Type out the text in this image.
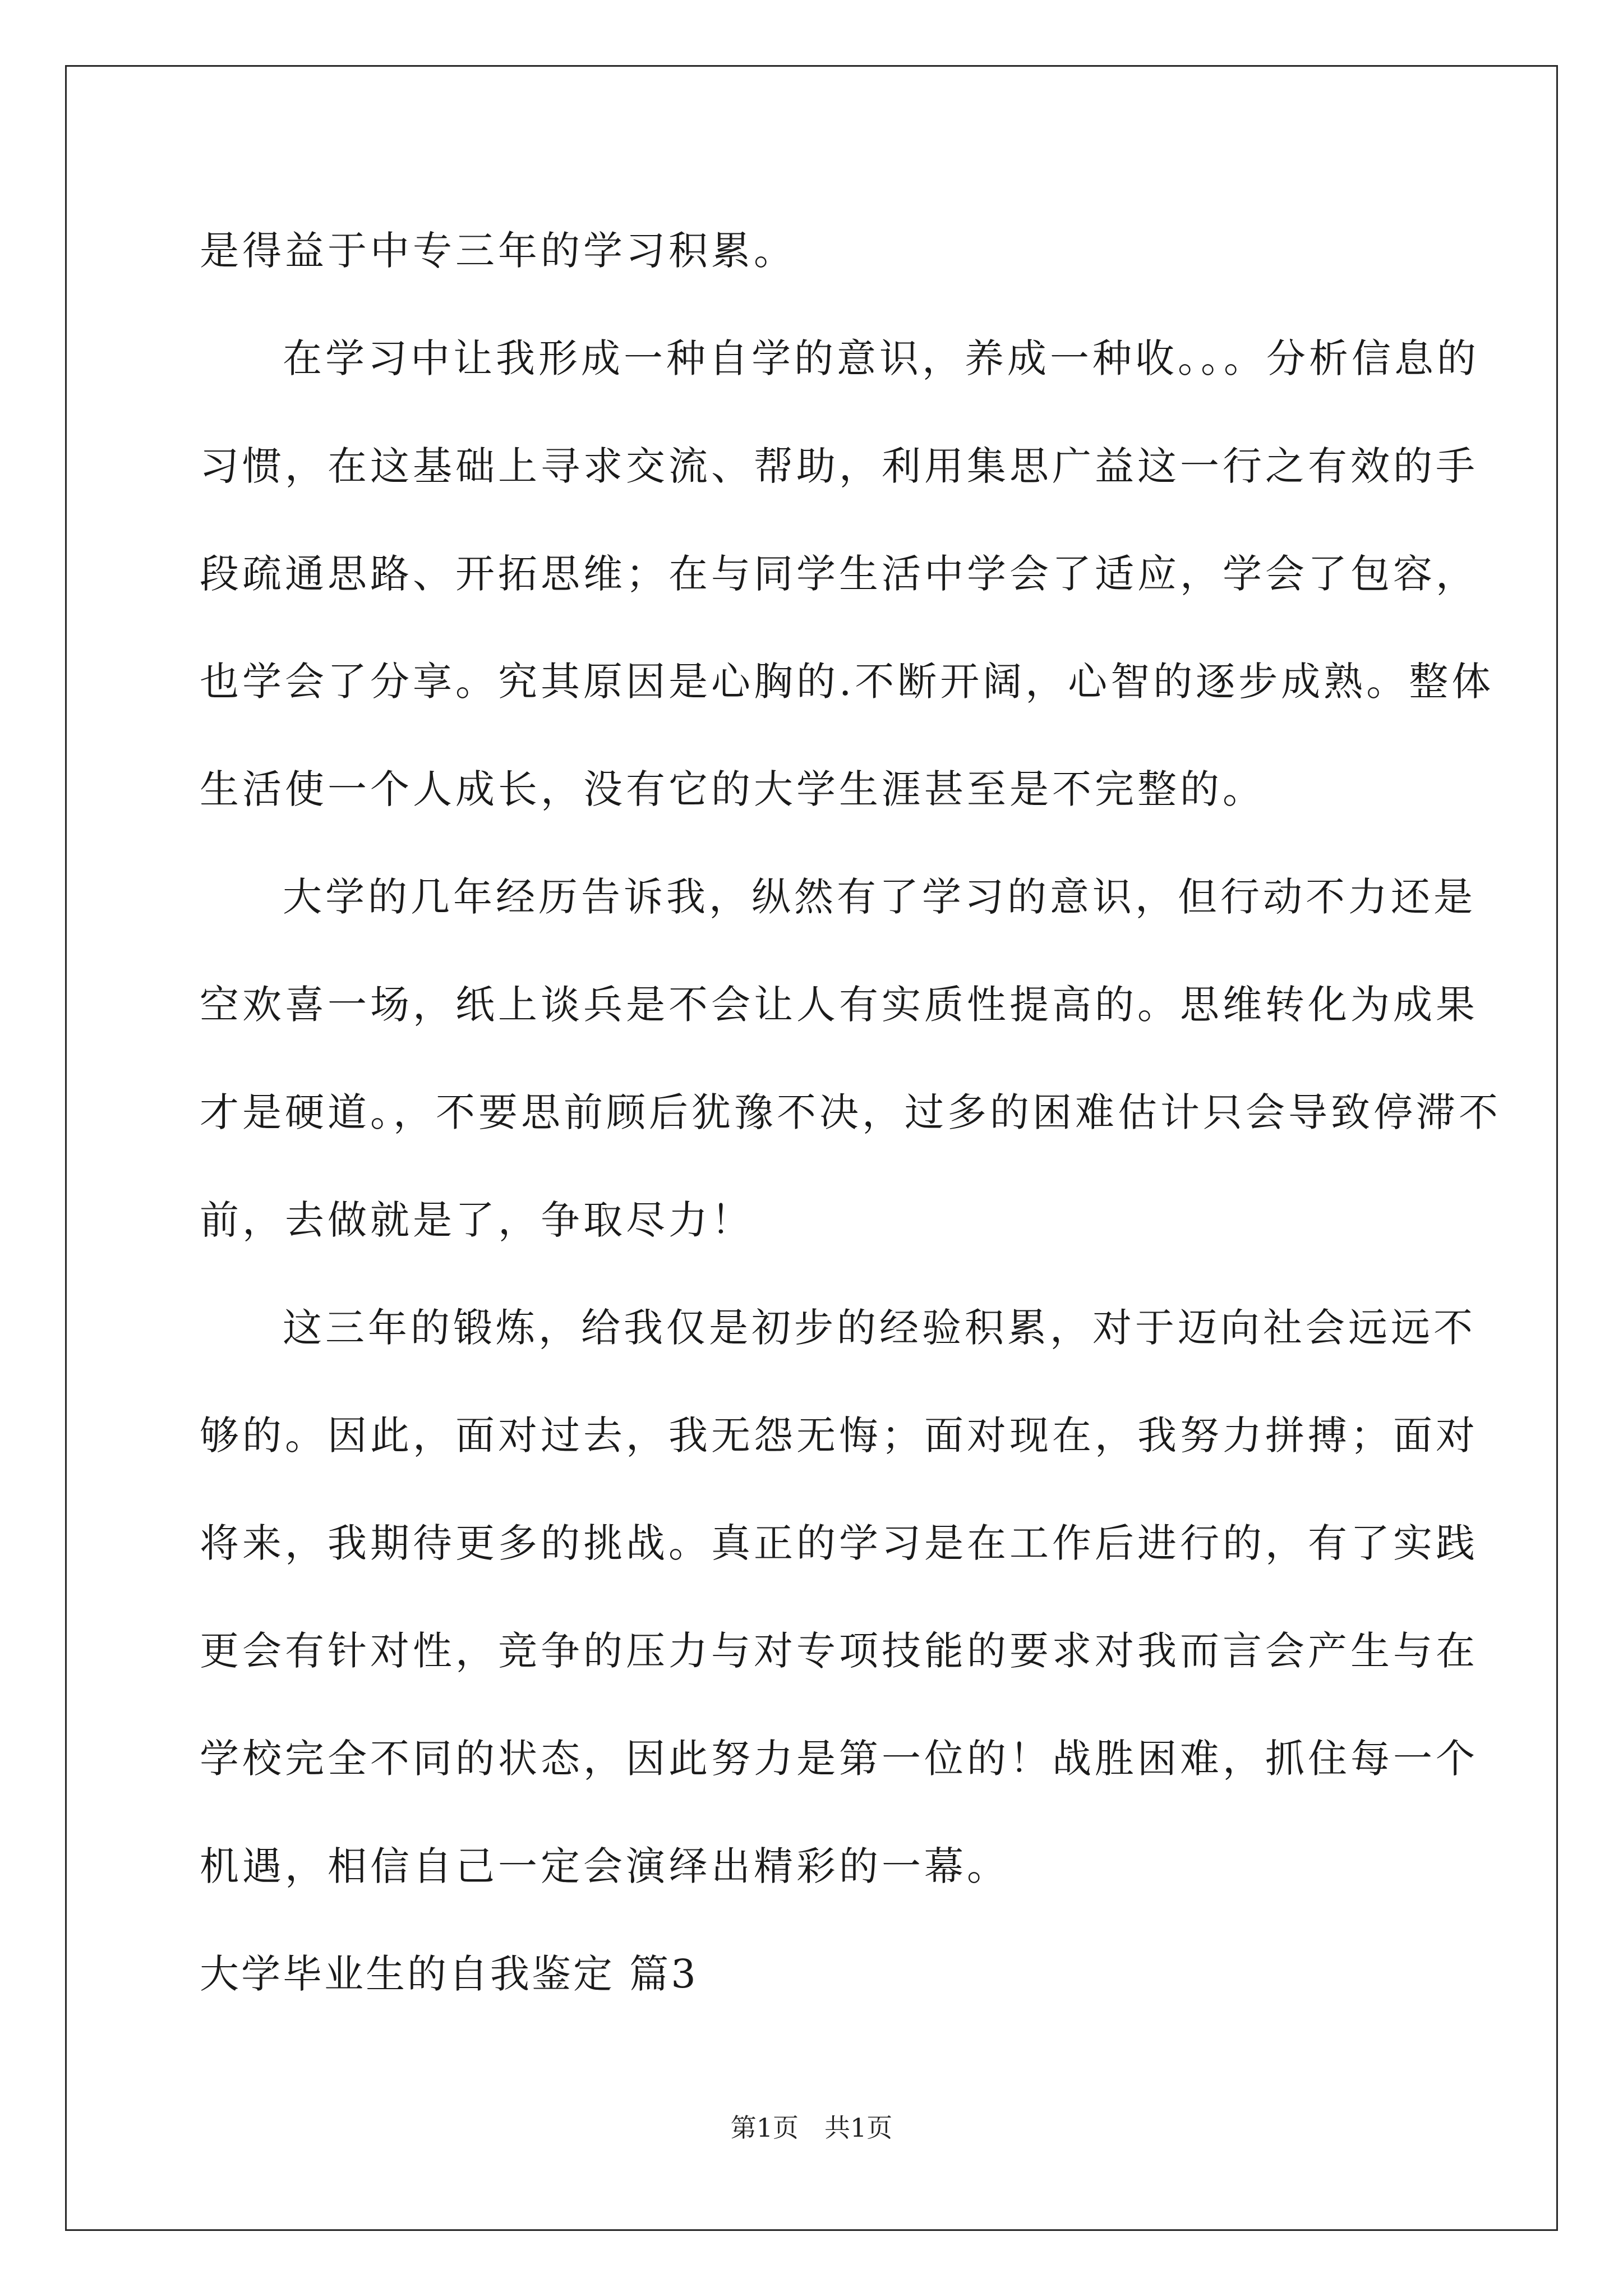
是得益于中专三年的学习积累。
在学习中让我形成一种自学的意识，养成一种收。。。分析信息的
习惯，在这基础上寻求交流、帮助，利用集思广益这一行之有效的手
段疏通思路、开拓思维；在与同学生活中学会了适应，学会了包容，
也学会了分享。究其原因是心胸的.不断开阔，心智的逐步成熟。整体
生活使一个人成长，没有它的大学生涯甚至是不完整的。
大学的几年经历告诉我，纵然有了学习的意识，但行动不力还是
空欢喜一场，纸上谈兵是不会让人有实质性提高的。思维转化为成果
才是硬道。，不要思前顾后犹豫不决，过多的困难估计只会导致停滞不
前，去做就是了，争取尽力！
这三年的锻炼，给我仅是初步的经验积累，对于迈向社会远远不
够的。因此，面对过去，我无怨无悔；面对现在，我努力拼搏；面对
将来，我期待更多的挑战。真正的学习是在工作后进行的，有了实践
更会有针对性，竞争的压力与对专项技能的要求对我而言会产生与在
学校完全不同的状态，因此努力是第一位的！战胜困难，抓住每一个
机遇，相信自己一定会演绎出精彩的一幕。
大学毕业生的自我鉴定 篇3
第1页　共1页
